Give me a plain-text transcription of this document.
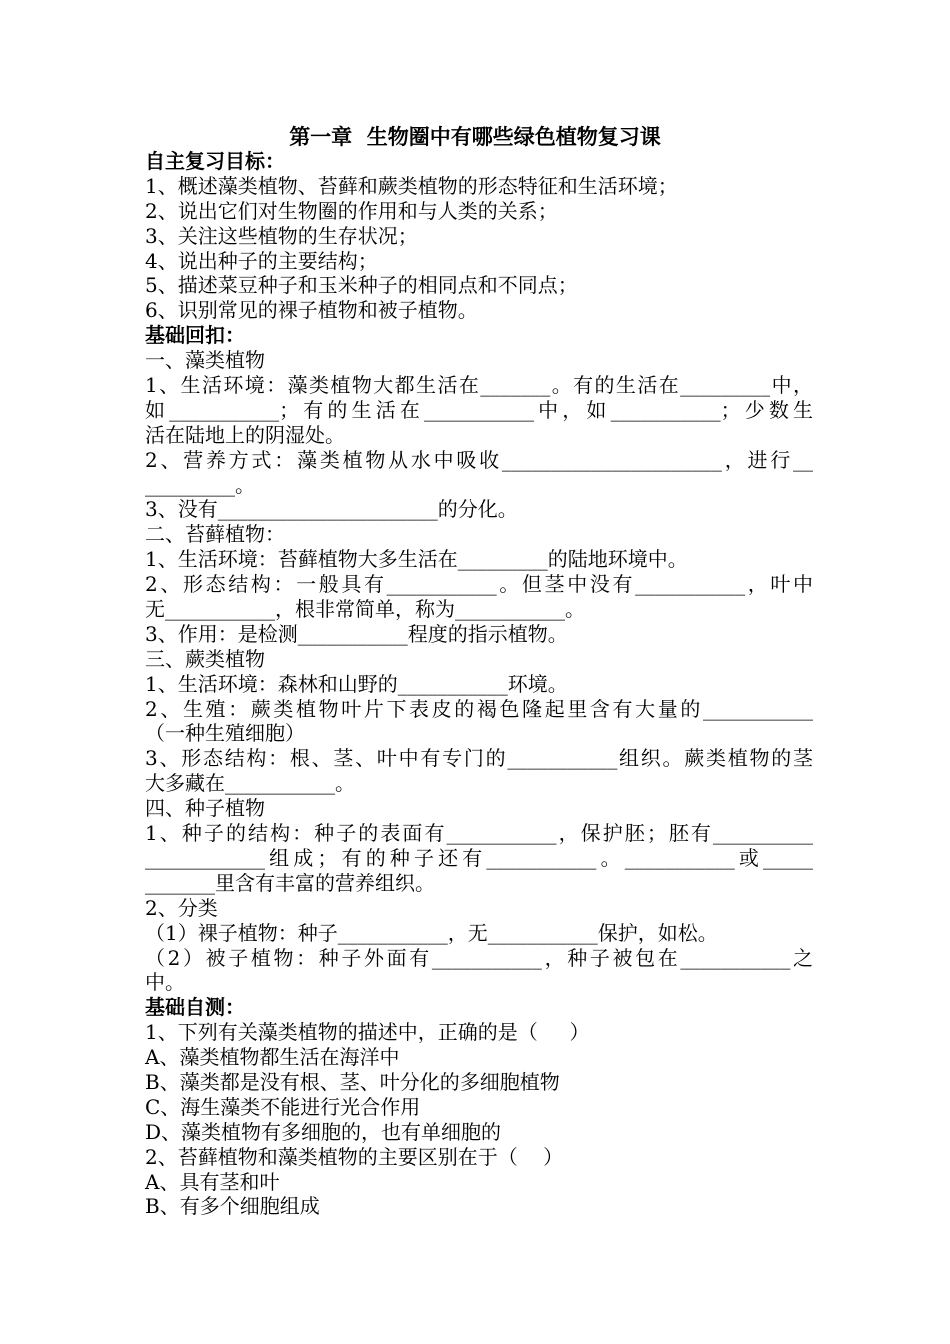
第一章  生物圈中有哪些绿色植物复习课
自主复习目标：
1、概述藻类植物、苔藓和蕨类植物的形态特征和生活环境；
2、说出它们对生物圈的作用和与人类的关系；
3、关注这些植物的生存状况；
4、说出种子的主要结构；
5、描述菜豆种子和玉米种子的相同点和不同点；
6、识别常见的裸子植物和被子植物。
基础回扣：
一、藻类植物
1、生活环境：藻类植物大都生活在_______。有的生活在_________中，
如___________；有的生活在___________中，如___________；少数生
活在陆地上的阴湿处。
2、营养方式：藻类植物从水中吸收______________________，进行__
_________。
3、没有______________________的分化。
二、苔藓植物：
1、生活环境：苔藓植物大多生活在_________的陆地环境中。
2、形态结构：一般具有___________。但茎中没有___________，叶中
无___________，根非常简单，称为___________。
3、作用：是检测___________程度的指示植物。
三、蕨类植物
1、生活环境：森林和山野的___________环境。
2、生殖：蕨类植物叶片下表皮的褐色隆起里含有大量的___________
（一种生殖细胞）
3、形态结构：根、茎、叶中有专门的___________组织。蕨类植物的茎
大多藏在___________。
四、种子植物
1、种子的结构：种子的表面有___________，保护胚；胚有__________
____________组成；有的种子还有___________。___________或_____
_______里含有丰富的营养组织。
2、分类
（1）裸子植物：种子___________，无___________保护，如松。
（2）被子植物：种子外面有___________，种子被包在___________之
中。
基础自测：
1、下列有关藻类植物的描述中，正确的是（     ）
A、藻类植物都生活在海洋中
B、藻类都是没有根、茎、叶分化的多细胞植物
C、海生藻类不能进行光合作用
D、藻类植物有多细胞的，也有单细胞的
2、苔藓植物和藻类植物的主要区别在于（    ）
A、具有茎和叶
B、有多个细胞组成
